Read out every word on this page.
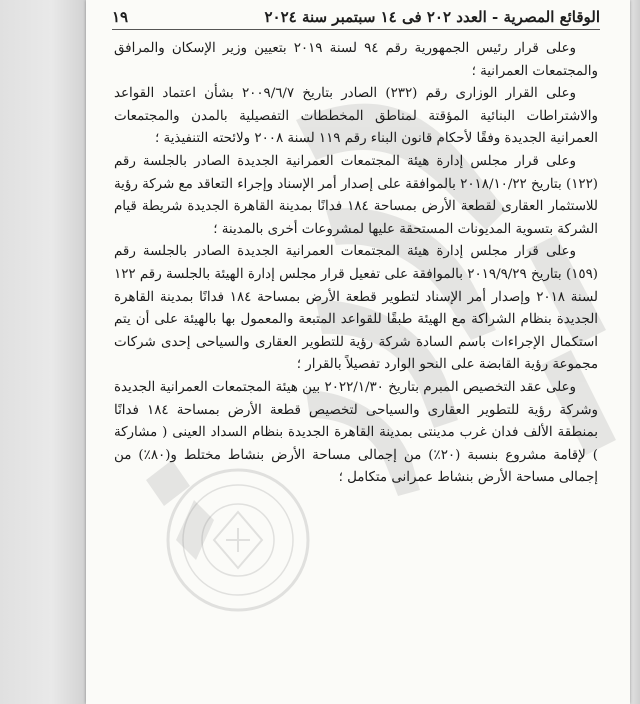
الوقائع المصرية - العدد ٢٠٢ فى ١٤ سبتمبر سنة ٢٠٢٤
١٩

وعلى قرار رئيس الجمهورية رقم ٩٤ لسنة ٢٠١٩ بتعيين وزير الإسكان والمرافق والمجتمعات العمرانية ؛

وعلى القرار الوزارى رقم (٢٣٢) الصادر بتاريخ ٢٠٠٩/٦/٧ بشأن اعتماد القواعد والاشتراطات البنائية المؤقتة لمناطق المخططات التفصيلية بالمدن والمجتمعات العمرانية الجديدة وفقًا لأحكام قانون البناء رقم ١١٩ لسنة ٢٠٠٨ ولائحته التنفيذية ؛

وعلى قرار مجلس إدارة هيئة المجتمعات العمرانية الجديدة الصادر بالجلسة رقم (١٢٢) بتاريخ ٢٠١٨/١٠/٢٢ بالموافقة على إصدار أمر الإسناد وإجراء التعاقد مع شركة رؤية للاستثمار العقارى لقطعة الأرض بمساحة ١٨٤ فدانًا بمدينة القاهرة الجديدة شريطة قيام الشركة بتسوية المديونات المستحقة عليها لمشروعات أخرى بالمدينة ؛

وعلى قرار مجلس إدارة هيئة المجتمعات العمرانية الجديدة الصادر بالجلسة رقم (١٥٩) بتاريخ ٢٠١٩/٩/٢٩ بالموافقة على تفعيل قرار مجلس إدارة الهيئة بالجلسة رقم ١٢٢ لسنة ٢٠١٨ وإصدار أمر الإسناد لتطوير قطعة الأرض بمساحة ١٨٤ فدانًا بمدينة القاهرة الجديدة بنظام الشراكة مع الهيئة طبقًا للقواعد المتبعة والمعمول بها بالهيئة على أن يتم استكمال الإجراءات باسم السادة شركة رؤية للتطوير العقارى والسياحى إحدى شركات مجموعة رؤية القابضة على النحو الوارد تفصيلاً بالقرار ؛

وعلى عقد التخصيص المبرم بتاريخ ٢٠٢٢/١/٣٠ بين هيئة المجتمعات العمرانية الجديدة وشركة رؤية للتطوير العقارى والسياحى لتخصيص قطعة الأرض بمساحة ١٨٤ فدانًا بمنطقة الألف فدان غرب مدينتى بمدينة القاهرة الجديدة بنظام السداد العينى ( مشاركة ) لإقامة مشروع بنسبة (٢٠٪) من إجمالى مساحة الأرض بنشاط مختلط و(٨٠٪) من إجمالى مساحة الأرض بنشاط عمرانى متكامل ؛
